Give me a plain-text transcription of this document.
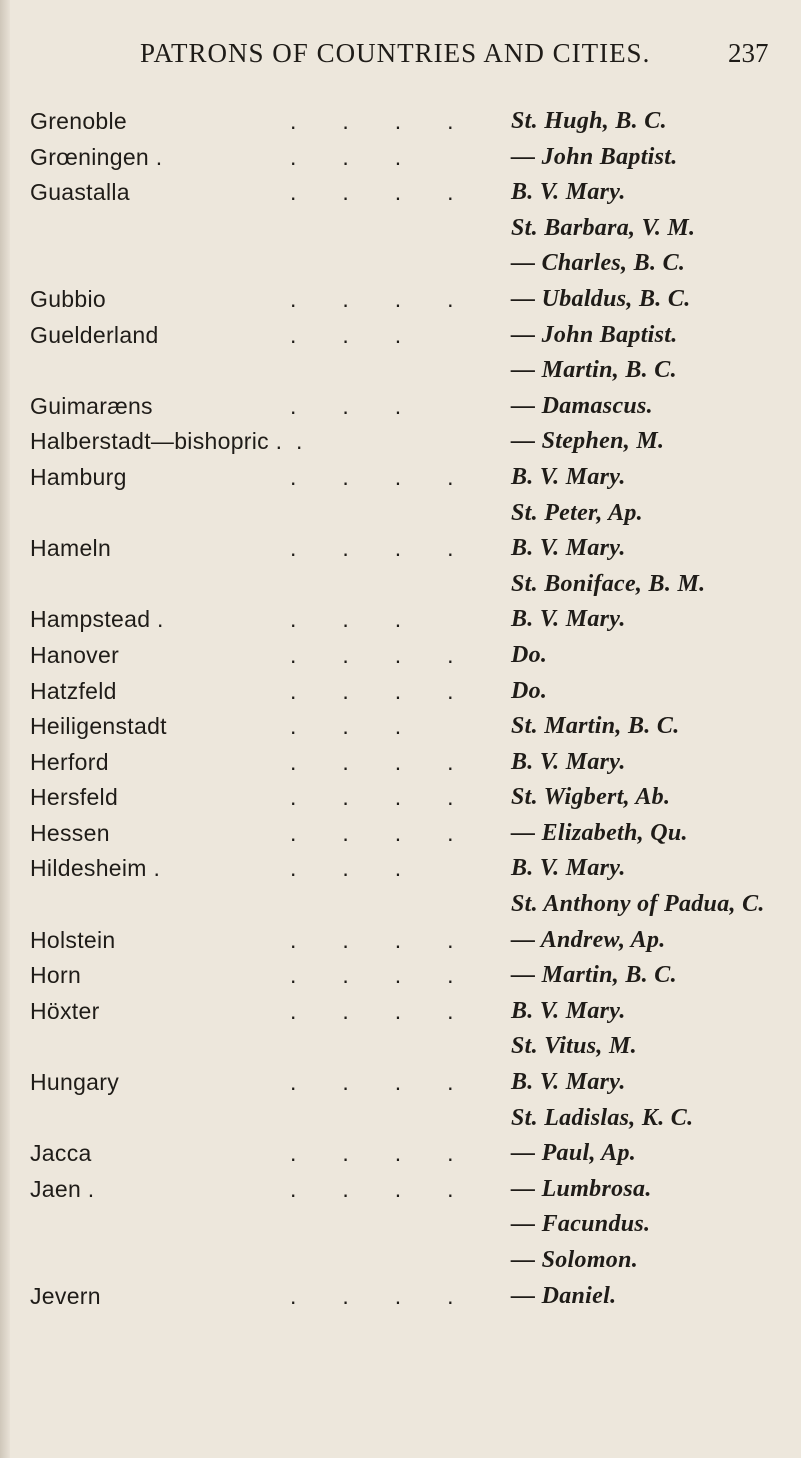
PATRONS OF COUNTRIES AND CITIES.	237
Grenoble	.... St. Hugh, B. C.
Grœningen .	...	— John Baptist.
Guastalla	.... B. V. Mary.
St. Barbara, V. M.
— Charles, B. C.
Gubbio	.... — Ubaldus, B. C.
Guelderland	...	— John Baptist.
— Martin, B. C.
Guimaræns	...	— Damascus.
Halberstadt—bishopric . .	— Stephen, M.
Hamburg	.... B. V. Mary.
St. Peter, Ap.
Hameln	.... B. V. Mary.
St. Boniface, B. M.
Hampstead .	...	B. V. Mary.
Hanover	.... Do.
Hatzfeld	.... Do.
Heiligenstadt	...	St. Martin, B. C.
Herford	.... B. V. Mary.
Hersfeld	.... St. Wigbert, Ab.
Hessen	.... — Elizabeth, Qu.
Hildesheim .	...	B. V. Mary.
St. Anthony of Padua, C.
Holstein	.... — Andrew, Ap.
Horn	.... — Martin, B. C.
Höxter	.... B. V. Mary.
St. Vitus, M.
Hungary	.... B. V. Mary.
St. Ladislas, K. C.
Jacca	.... — Paul, Ap.
Jaen .	.... — Lumbrosa.
— Facundus.
— Solomon.
Jevern	.... — Daniel.
